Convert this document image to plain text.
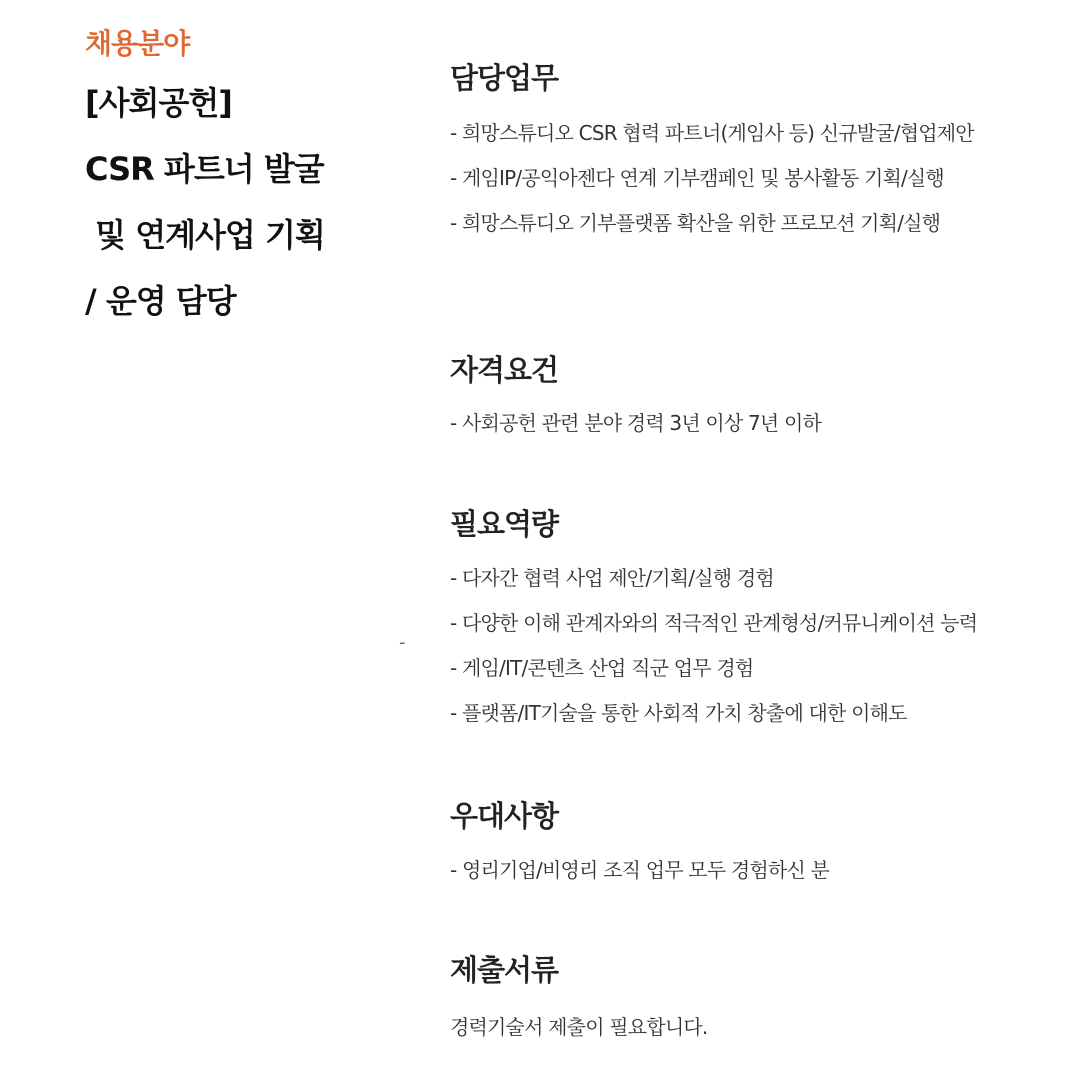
채용분야
[사회공헌]
CSR 파트너 발굴
및 연계사업 기획
/ 운영 담당
-
담당업무
- 희망스튜디오 CSR 협력 파트너(게임사 등) 신규발굴/협업제안
- 게임IP/공익아젠다 연계 기부캠페인 및 봉사활동 기획/실행
- 희망스튜디오 기부플랫폼 확산을 위한 프로모션 기획/실행
자격요건
- 사회공헌 관련 분야 경력 3년 이상 7년 이하
필요역량
- 다자간 협력 사업 제안/기획/실행 경험
- 다양한 이해 관계자와의 적극적인 관계형성/커뮤니케이션 능력
- 게임/IT/콘텐츠 산업 직군 업무 경험
- 플랫폼/IT기술을 통한 사회적 가치 창출에 대한 이해도
우대사항
- 영리기업/비영리 조직 업무 모두 경험하신 분
제출서류
경력기술서 제출이 필요합니다.
